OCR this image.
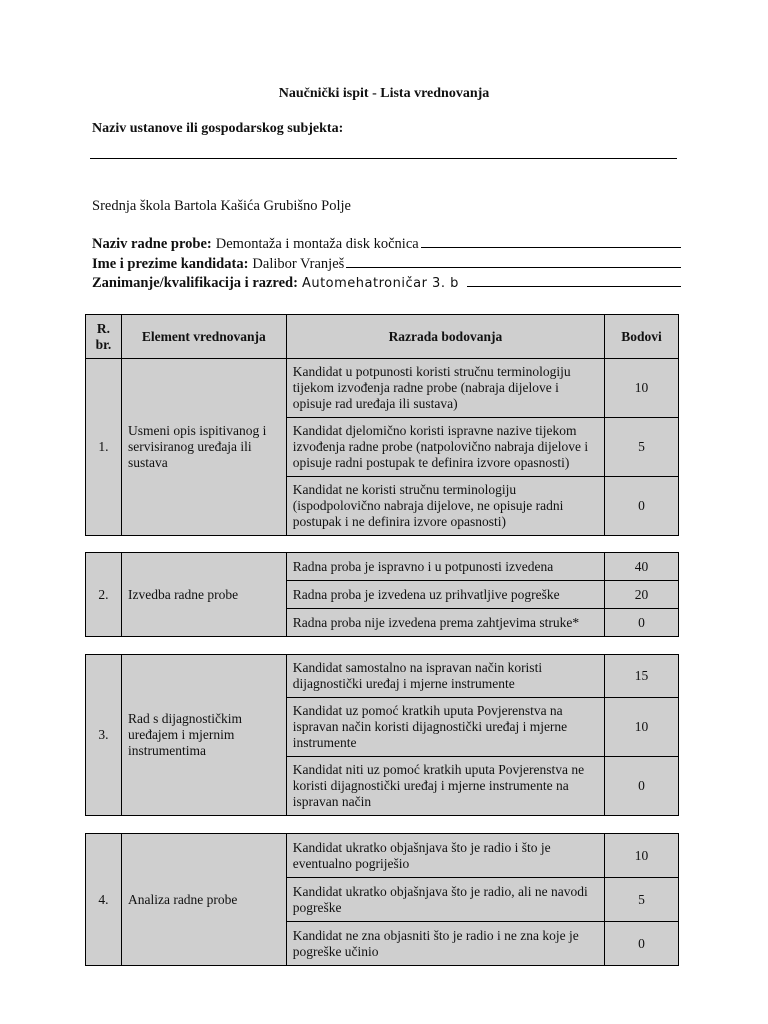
Naučnički ispit - Lista vrednovanja
Naziv ustanove ili gospodarskog subjekta:
Srednja škola Bartola Kašića Grubišno Polje
Naziv radne probe: Demontaža i montaža disk kočnica
Ime i prezime kandidata: Dalibor Vranješ
Zanimanje/kvalifikacija i razred: Automehatroničar 3. b
R. br.	Element vrednovanja	Razrada bodovanja	Bodovi
1.	Usmeni opis ispitivanog i servisiranog uređaja ili sustava	Kandidat u potpunosti koristi stručnu terminologiju tijekom izvođenja radne probe (nabraja dijelove i opisuje rad uređaja ili sustava)	10
		Kandidat djelomično koristi ispravne nazive tijekom izvođenja radne probe (natpolovično nabraja dijelove i opisuje radni postupak te definira izvore opasnosti)	5
		Kandidat ne koristi stručnu terminologiju (ispodpolovično nabraja dijelove, ne opisuje radni postupak i ne definira izvore opasnosti)	0
2.	Izvedba radne probe	Radna proba je ispravno i u potpunosti izvedena	40
		Radna proba je izvedena uz prihvatljive pogreške	20
		Radna proba nije izvedena prema zahtjevima struke*	0
3.	Rad s dijagnostičkim uređajem i mjernim instrumentima	Kandidat samostalno na ispravan način koristi dijagnostički uređaj i mjerne instrumente	15
		Kandidat uz pomoć kratkih uputa Povjerenstva na ispravan način koristi dijagnostički uređaj i mjerne instrumente	10
		Kandidat niti uz pomoć kratkih uputa Povjerenstva ne koristi dijagnostički uređaj i mjerne instrumente na ispravan način	0
4.	Analiza radne probe	Kandidat ukratko objašnjava što je radio i što je eventualno pogriješio	10
		Kandidat ukratko objašnjava što je radio, ali ne navodi pogreške	5
		Kandidat ne zna objasniti što je radio i ne zna koje je pogreške učinio	0
